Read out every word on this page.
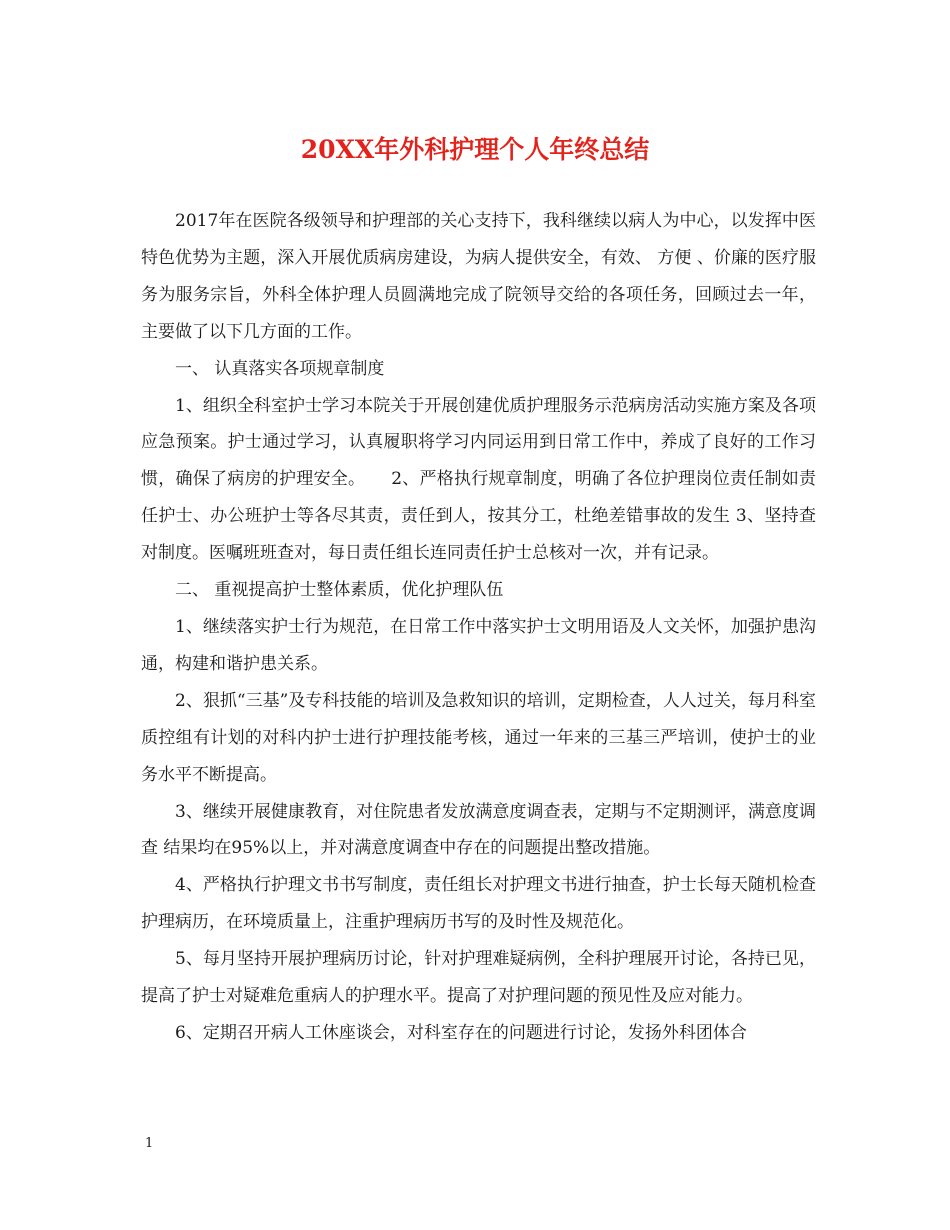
20XX年外科护理个人年终总结

2017年在医院各级领导和护理部的关心支持下，我科继续以病人为中心，以发挥中医特色优势为主题，深入开展优质病房建设，为病人提供安全，有效、 方便 、价廉的医疗服务为服务宗旨，外科全体护理人员圆满地完成了院领导交给的各项任务，回顾过去一年，主要做了以下几方面的工作。

一、 认真落实各项规章制度

1、组织全科室护士学习本院关于开展创建优质护理服务示范病房活动实施方案及各项应急预案。护士通过学习，认真履职将学习内同运用到日常工作中，养成了良好的工作习惯，确保了病房的护理安全。　　2、严格执行规章制度，明确了各位护理岗位责任制如责任护士、办公班护士等各尽其责，责任到人，按其分工，杜绝差错事故的发生 3、坚持查对制度。医嘱班班查对，每日责任组长连同责任护士总核对一次，并有记录。

二、 重视提高护士整体素质，优化护理队伍

1、继续落实护士行为规范，在日常工作中落实护士文明用语及人文关怀，加强护患沟通，构建和谐护患关系。

2、狠抓“三基”及专科技能的培训及急救知识的培训，定期检查，人人过关，每月科室质控组有计划的对科内护士进行护理技能考核，通过一年来的三基三严培训，使护士的业务水平不断提高。

3、继续开展健康教育，对住院患者发放满意度调查表，定期与不定期测评，满意度调查 结果均在95%以上，并对满意度调查中存在的问题提出整改措施。

4、严格执行护理文书书写制度，责任组长对护理文书进行抽查，护士长每天随机检查护理病历，在环境质量上，注重护理病历书写的及时性及规范化。

5、每月坚持开展护理病历讨论，针对护理难疑病例，全科护理展开讨论，各持已见，提高了护士对疑难危重病人的护理水平。提高了对护理问题的预见性及应对能力。

6、定期召开病人工休座谈会，对科室存在的问题进行讨论，发扬外科团体合

1
